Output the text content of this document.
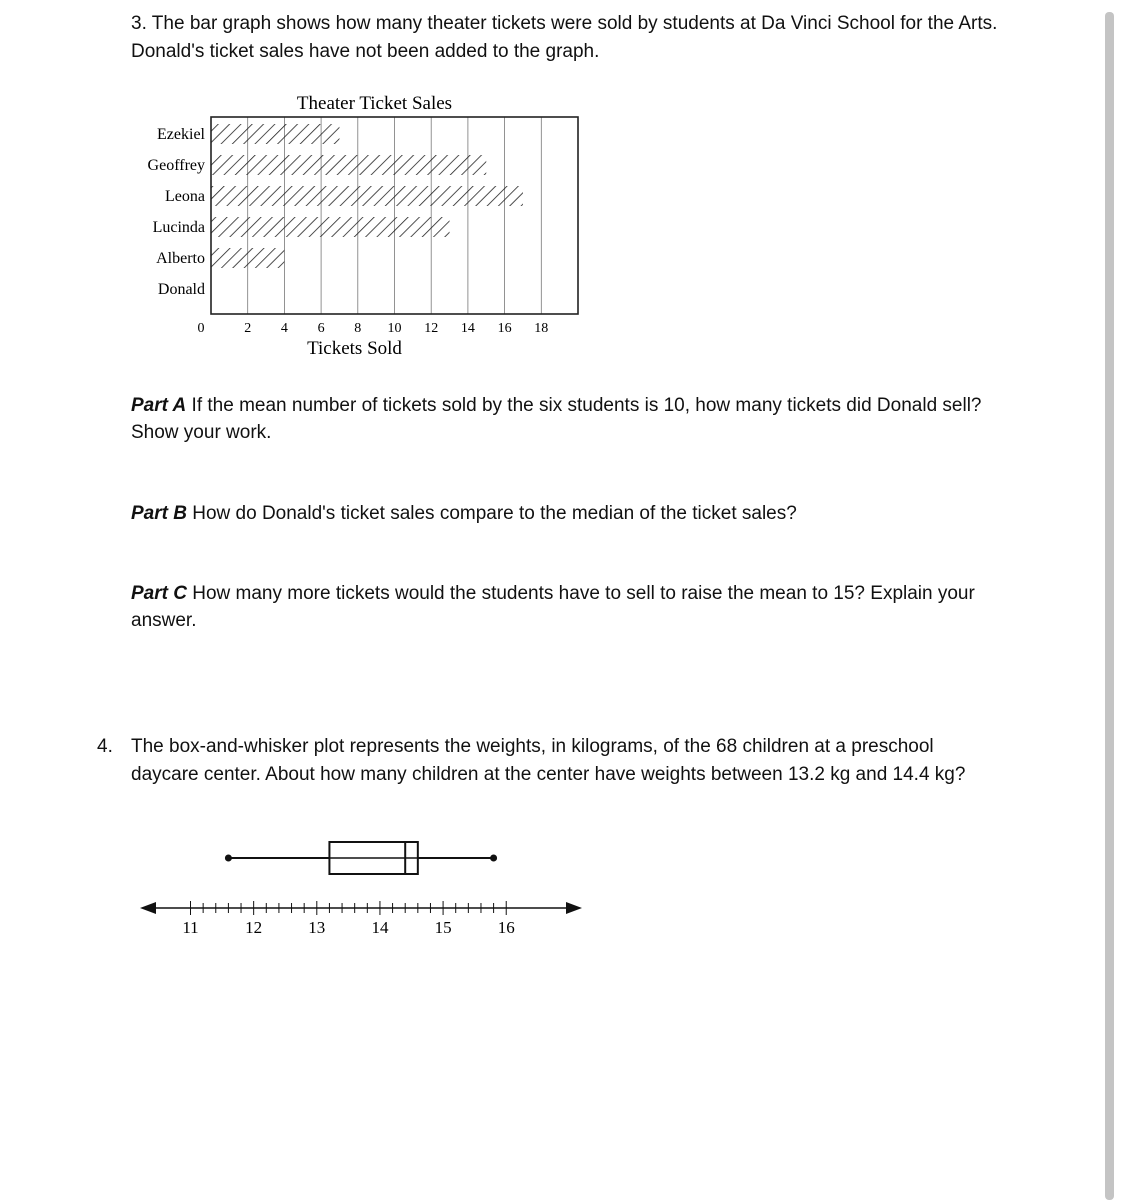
3. The bar graph shows how many theater tickets were sold by students at Da Vinci School for the Arts. Donald's ticket sales have not been added to the graph.

Theater Ticket Sales
Ezekiel
Geoffrey
Leona
Lucinda
Alberto
Donald
0	2 4 6 8 10 12 14 16 18
Tickets Sold

Part A If the mean number of tickets sold by the six students is 10, how many tickets did Donald sell? Show your work.

Part B How do Donald's ticket sales compare to the median of the ticket sales?

Part C How many more tickets would the students have to sell to raise the mean to 15? Explain your answer.

4. The box-and-whisker plot represents the weights, in kilograms, of the 68 children at a preschool daycare center. About how many children at the center have weights between 13.2 kg and 14.4 kg?

11	12	13	14	15	16
